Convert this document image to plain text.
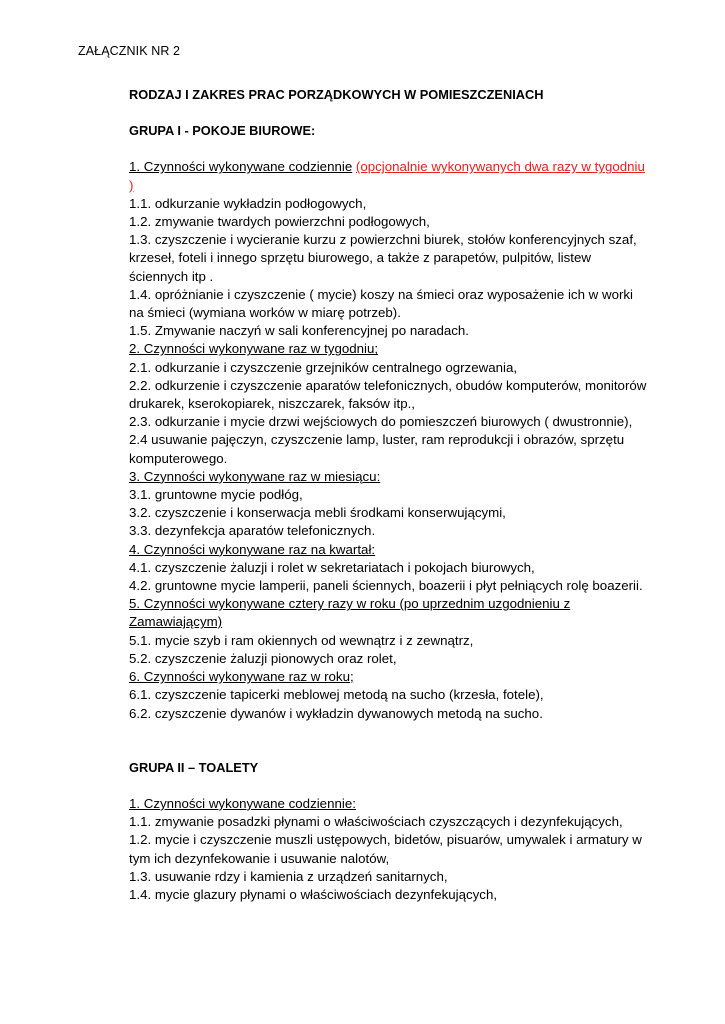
ZAŁĄCZNIK NR 2

RODZAJ I ZAKRES PRAC PORZĄDKOWYCH W POMIESZCZENIACH

GRUPA I - POKOJE BIUROWE:

1. Czynności wykonywane codziennie (opcjonalnie wykonywanych dwa razy w tygodniu )

1.1. odkurzanie wykładzin podłogowych,

1.2. zmywanie twardych powierzchni podłogowych,

1.3. czyszczenie i wycieranie kurzu z powierzchni biurek, stołów konferencyjnych szaf, krzeseł, foteli i innego sprzętu biurowego, a także z parapetów, pulpitów, listew ściennych itp .

1.4. opróżnianie i czyszczenie ( mycie) koszy na śmieci oraz wyposażenie ich w worki na śmieci (wymiana worków w miarę potrzeb).

1.5. Zmywanie naczyń w sali konferencyjnej po naradach.

2. Czynności wykonywane raz w tygodniu;

2.1. odkurzanie i czyszczenie grzejników centralnego ogrzewania,

2.2. odkurzenie i czyszczenie aparatów telefonicznych, obudów komputerów, monitorów drukarek, kserokopiarek, niszczarek, faksów itp.,

2.3. odkurzanie i mycie drzwi wejściowych do pomieszczeń biurowych ( dwustronnie),

2.4 usuwanie pajęczyn, czyszczenie lamp, luster, ram reprodukcji i obrazów, sprzętu komputerowego.

3. Czynności wykonywane raz w miesiącu:

3.1. gruntowne mycie podłóg,

3.2. czyszczenie i konserwacja mebli środkami konserwującymi,

3.3. dezynfekcja aparatów telefonicznych.

4. Czynności wykonywane raz na kwartał:

4.1. czyszczenie żaluzji i rolet w sekretariatach i pokojach biurowych,

4.2. gruntowne mycie lamperii, paneli ściennych, boazerii i płyt pełniących rolę boazerii.

5. Czynności wykonywane cztery razy w roku (po uprzednim uzgodnieniu z Zamawiającym)

5.1. mycie szyb i ram okiennych od wewnątrz i z zewnątrz,

5.2. czyszczenie żaluzji pionowych oraz rolet,

6. Czynności wykonywane raz w roku;

6.1. czyszczenie tapicerki meblowej metodą na sucho (krzesła, fotele),

6.2. czyszczenie dywanów i wykładzin dywanowych metodą na sucho.

GRUPA II – TOALETY

1. Czynności wykonywane codziennie:

1.1. zmywanie posadzki płynami o właściwościach czyszczących i dezynfekujących,

1.2. mycie i czyszczenie muszli ustępowych, bidetów, pisuarów, umywalek i armatury w tym ich dezynfekowanie i usuwanie nalotów,

1.3. usuwanie rdzy i kamienia z urządzeń sanitarnych,

1.4. mycie glazury płynami o właściwościach dezynfekujących,
